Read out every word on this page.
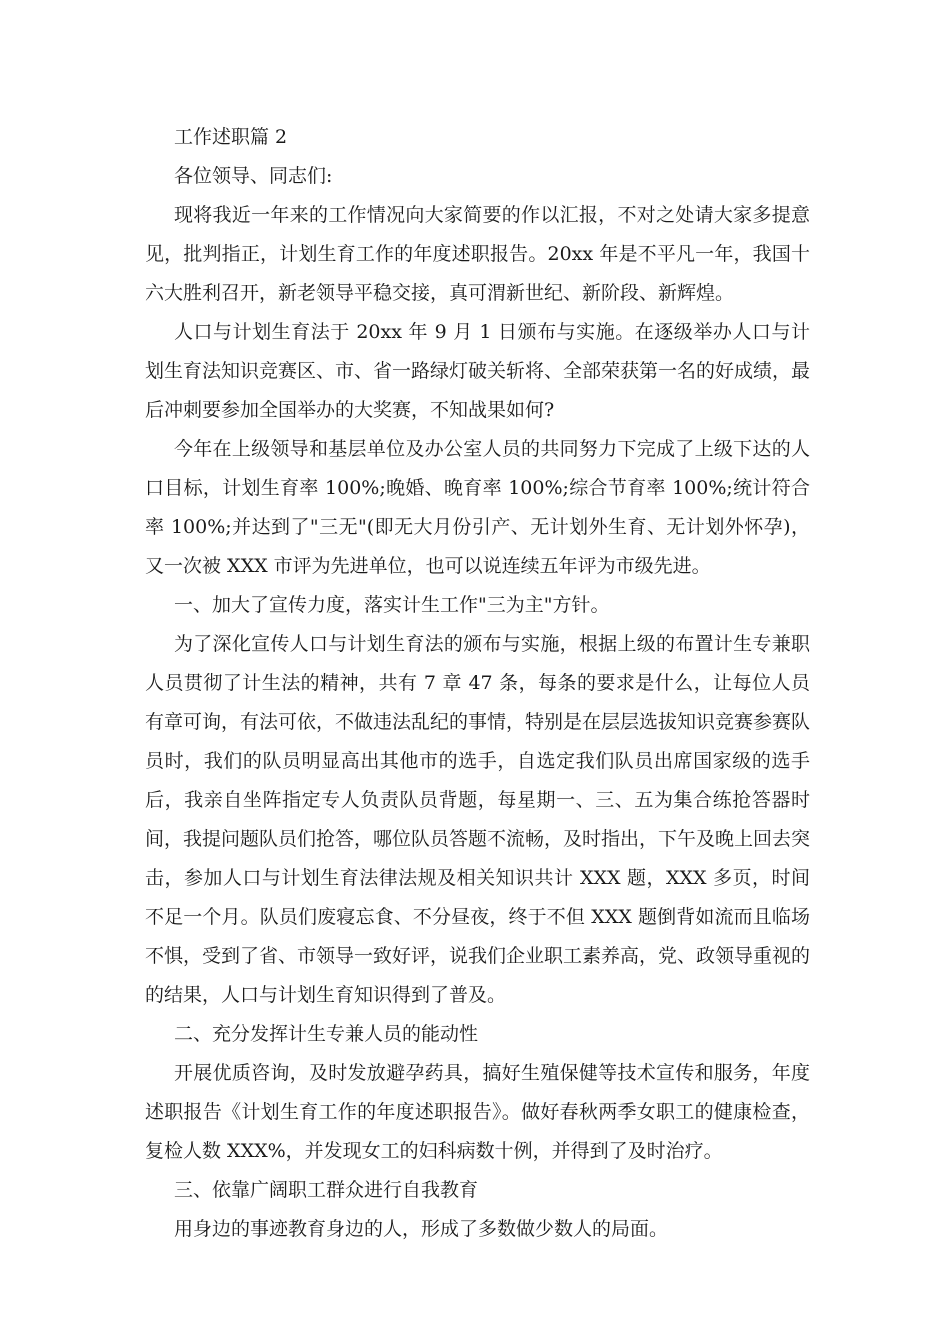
工作述职篇 2

各位领导、同志们:

现将我近一年来的工作情况向大家简要的作以汇报，不对之处请大家多提意见，批判指正，计划生育工作的年度述职报告。20xx 年是不平凡一年，我国十六大胜利召开，新老领导平稳交接，真可渭新世纪、新阶段、新辉煌。

人口与计划生育法于 20xx 年 9 月 1 日颁布与实施。在逐级举办人口与计划生育法知识竞赛区、市、省一路绿灯破关斩将、全部荣获第一名的好成绩，最后冲刺要参加全国举办的大奖赛，不知战果如何?

今年在上级领导和基层单位及办公室人员的共同努力下完成了上级下达的人口目标，计划生育率 100%;晚婚、晚育率 100%;综合节育率 100%;统计符合率 100%;并达到了"三无"(即无大月份引产、无计划外生育、无计划外怀孕)，又一次被 XXX 市评为先进单位，也可以说连续五年评为市级先进。

一、加大了宣传力度，落实计生工作"三为主"方针。

为了深化宣传人口与计划生育法的颁布与实施，根据上级的布置计生专兼职人员贯彻了计生法的精神，共有 7 章 47 条，每条的要求是什么，让每位人员有章可询，有法可依，不做违法乱纪的事情，特别是在层层选拔知识竞赛参赛队员时，我们的队员明显高出其他市的选手，自选定我们队员出席国家级的选手后，我亲自坐阵指定专人负责队员背题，每星期一、三、五为集合练抢答器时间，我提问题队员们抢答，哪位队员答题不流畅，及时指出，下午及晚上回去突击，参加人口与计划生育法律法规及相关知识共计 XXX 题，XXX 多页，时间不足一个月。队员们废寝忘食、不分昼夜，终于不但 XXX 题倒背如流而且临场不惧，受到了省、市领导一致好评，说我们企业职工素养高，党、政领导重视的的结果，人口与计划生育知识得到了普及。

二、充分发挥计生专兼人员的能动性

开展优质咨询，及时发放避孕药具，搞好生殖保健等技术宣传和服务，年度述职报告《计划生育工作的年度述职报告》。做好春秋两季女职工的健康检查，复检人数 XXX%，并发现女工的妇科病数十例，并得到了及时治疗。

三、依靠广阔职工群众进行自我教育

用身边的事迹教育身边的人，形成了多数做少数人的局面。
